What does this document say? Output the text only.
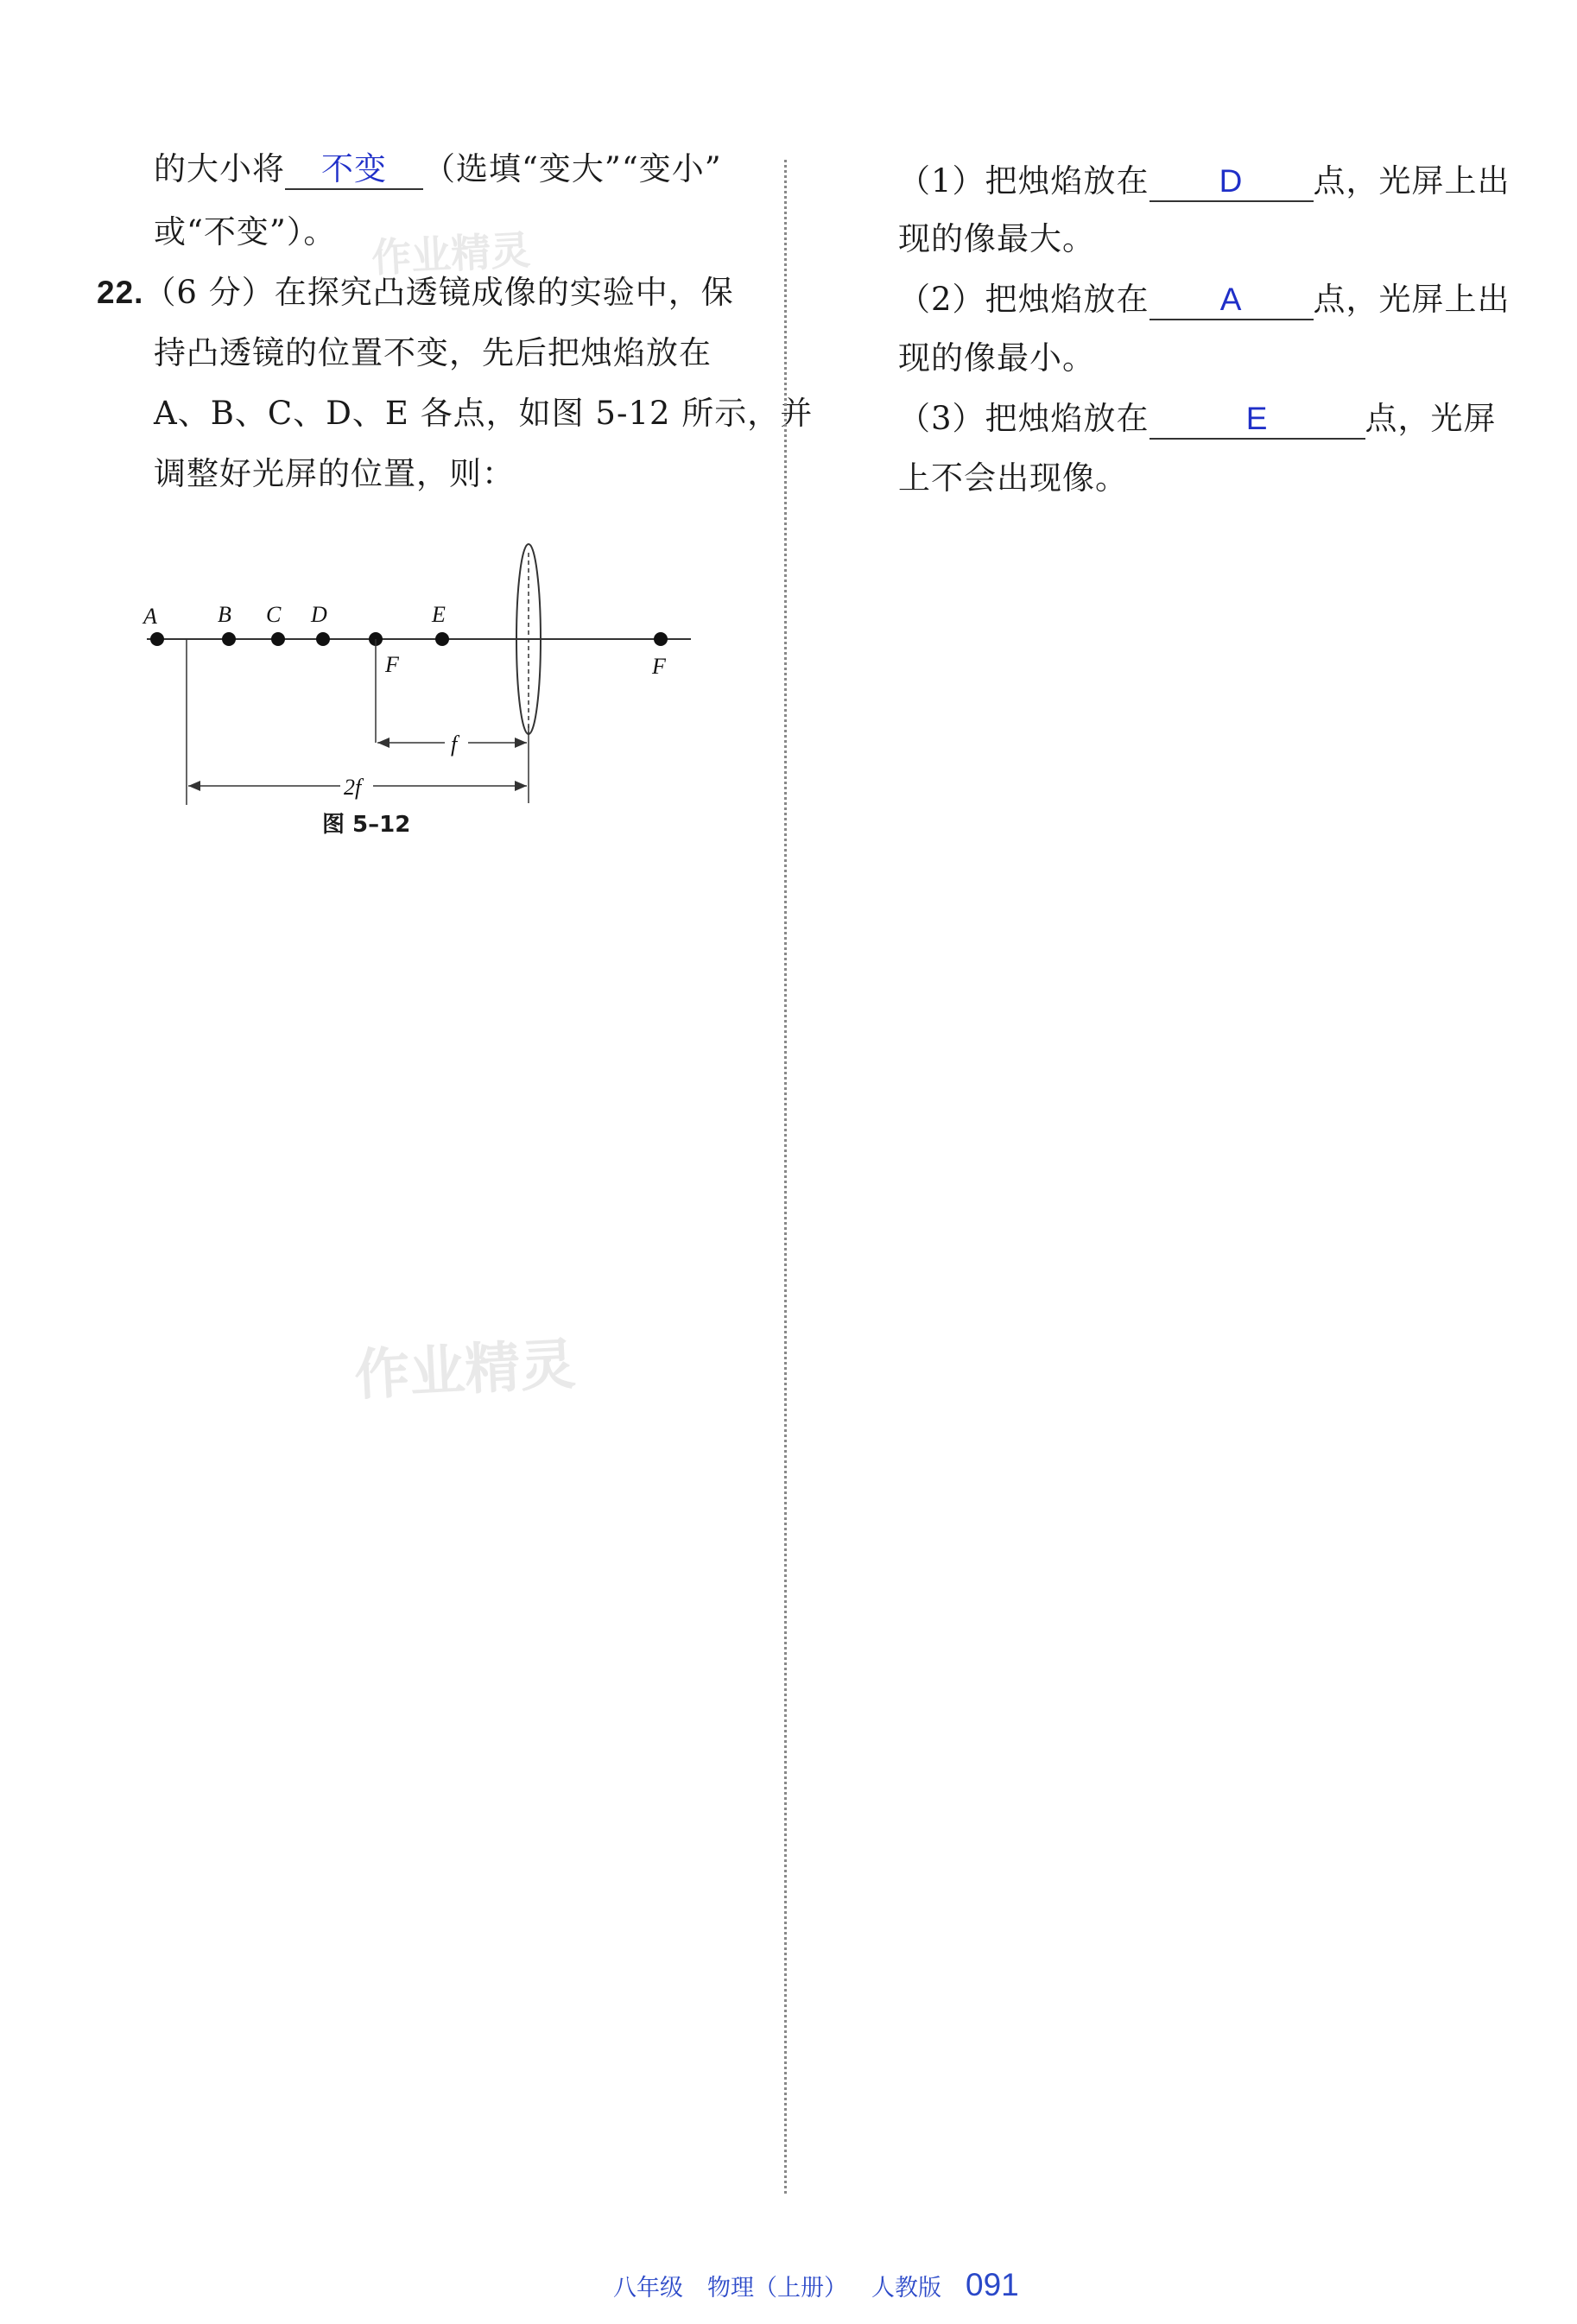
的大小将 不变 （选填“变大”“变小”
或“不变”）。
22.（6 分）在探究凸透镜成像的实验中，保
持凸透镜的位置不变，先后把烛焰放在
A、B、C、D、E 各点，如图 5-12 所示，并
调整好光屏的位置，则：
A	B C D	E
F	F
f
2f
图 5–12
（1）把烛焰放在 D 点，光屏上出
现的像最大。
（2）把烛焰放在 A 点，光屏上出
现的像最小。
（3）把烛焰放在	E	点，光屏
上不会出现像。
作业精灵
作业精灵
八年级 物理（上册） 人教版 091
